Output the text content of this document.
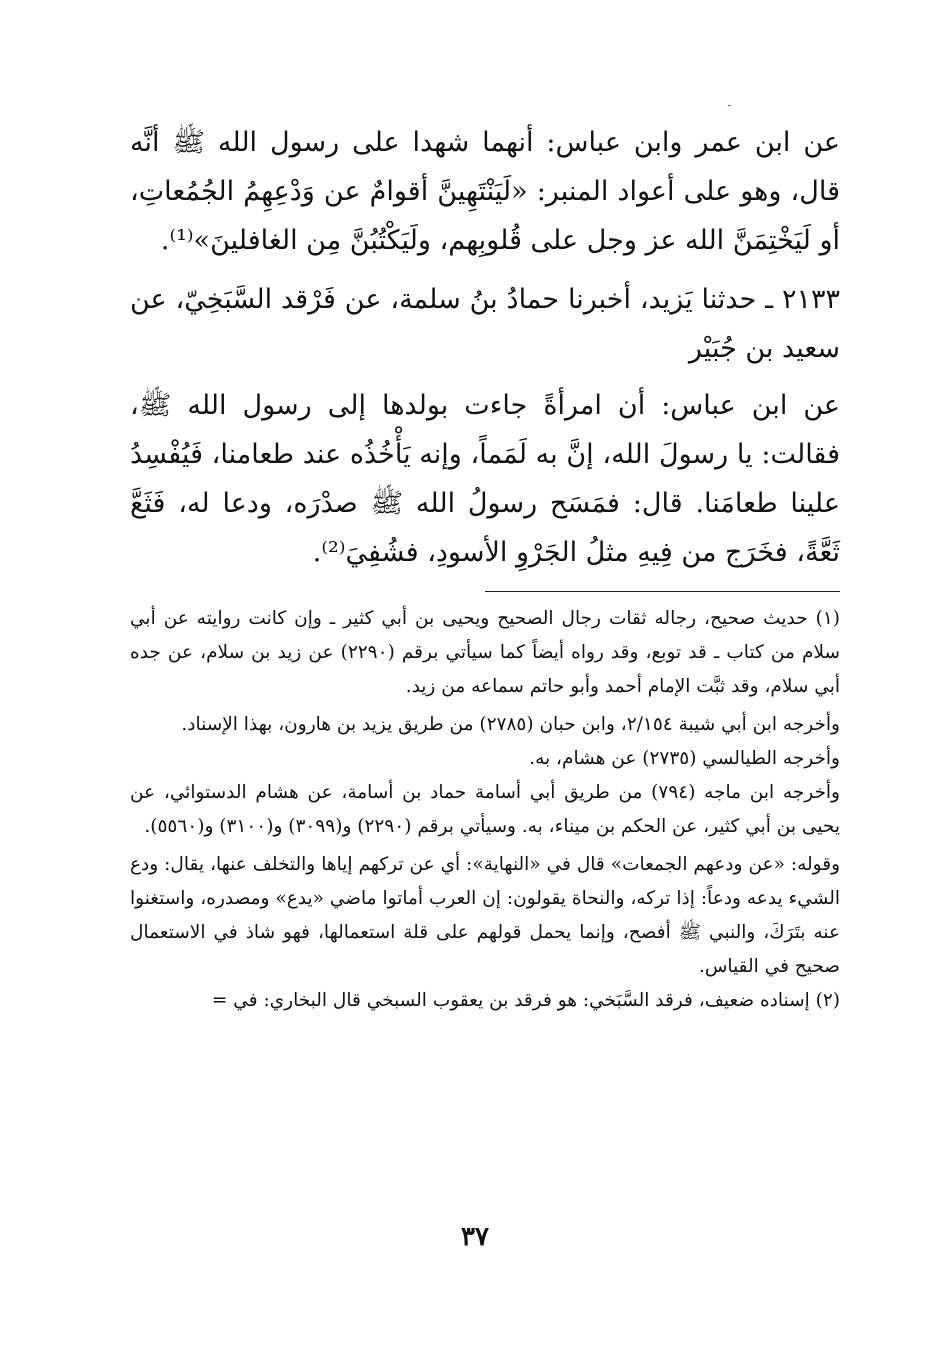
ـ

عن ابن عمر وابن عباس: أنهما شهدا على رسول الله ﷺ أنَّه قال، وهو على أعواد المنبر: «لَيَنْتَهِينَّ أقوامٌ عن وَدْعِهِمُ الجُمُعاتِ، أو لَيَخْتِمَنَّ الله عز وجل على قُلوبِهم، ولَيَكْتُبُنَّ مِن الغافلينَ»⁽¹⁾.

٢١٣٣ ـ حدثنا يَزيد، أخبرنا حمادُ بنُ سلمة، عن فَرْقد السَّبَخِيّ، عن سعيد بن جُبَيْر

عن ابن عباس: أن امرأةً جاءت بولدها إلى رسول الله ﷺ، فقالت: يا رسولَ الله، إنَّ به لَمَماً، وإنه يَأْخُذُه عند طعامنا، فَيُفْسِدُ علينا طعامَنا. قال: فمَسَح رسولُ الله ﷺ صدْرَه، ودعا له، فَثَعَّ ثَعَّةً، فخَرَج من فِيهِ مثلُ الجَرْوِ الأسودِ، فشُفِيَ⁽²⁾.

(١) حديث صحيح، رجاله ثقات رجال الصحيح ويحيى بن أبي كثير ـ وإن كانت روايته عن أبي سلام من كتاب ـ قد توبع، وقد رواه أيضاً كما سيأتي برقم (٢٢٩٠) عن زيد بن سلام، عن جده أبي سلام، وقد ثبَّت الإمام أحمد وأبو حاتم سماعه من زيد.

وأخرجه ابن أبي شيبة ٢/١٥٤، وابن حبان (٢٧٨٥) من طريق يزيد بن هارون، بهذا الإسناد.

وأخرجه الطيالسي (٢٧٣٥) عن هشام، به.

وأخرجه ابن ماجه (٧٩٤) من طريق أبي أسامة حماد بن أسامة، عن هشام الدستوائي، عن يحيى بن أبي كثير، عن الحكم بن ميناء، به. وسيأتي برقم (٢٢٩٠) و(٣٠٩٩) و(٣١٠٠) و(٥٥٦٠).

وقوله: «عن ودعهم الجمعات» قال في «النهاية»: أي عن تركهم إياها والتخلف عنها، يقال: ودع الشيء يدعه ودعاً: إذا تركه، والنحاة يقولون: إن العرب أماتوا ماضي «يدع» ومصدره، واستغنوا عنه بتَرَكَ، والنبي ﷺ أفصح، وإنما يحمل قولهم على قلة استعمالها، فهو شاذ في الاستعمال صحيح في القياس.

(٢) إسناده ضعيف، فرقد السَّبَخي: هو فرقد بن يعقوب السبخي قال البخاري: في =

٣٧
